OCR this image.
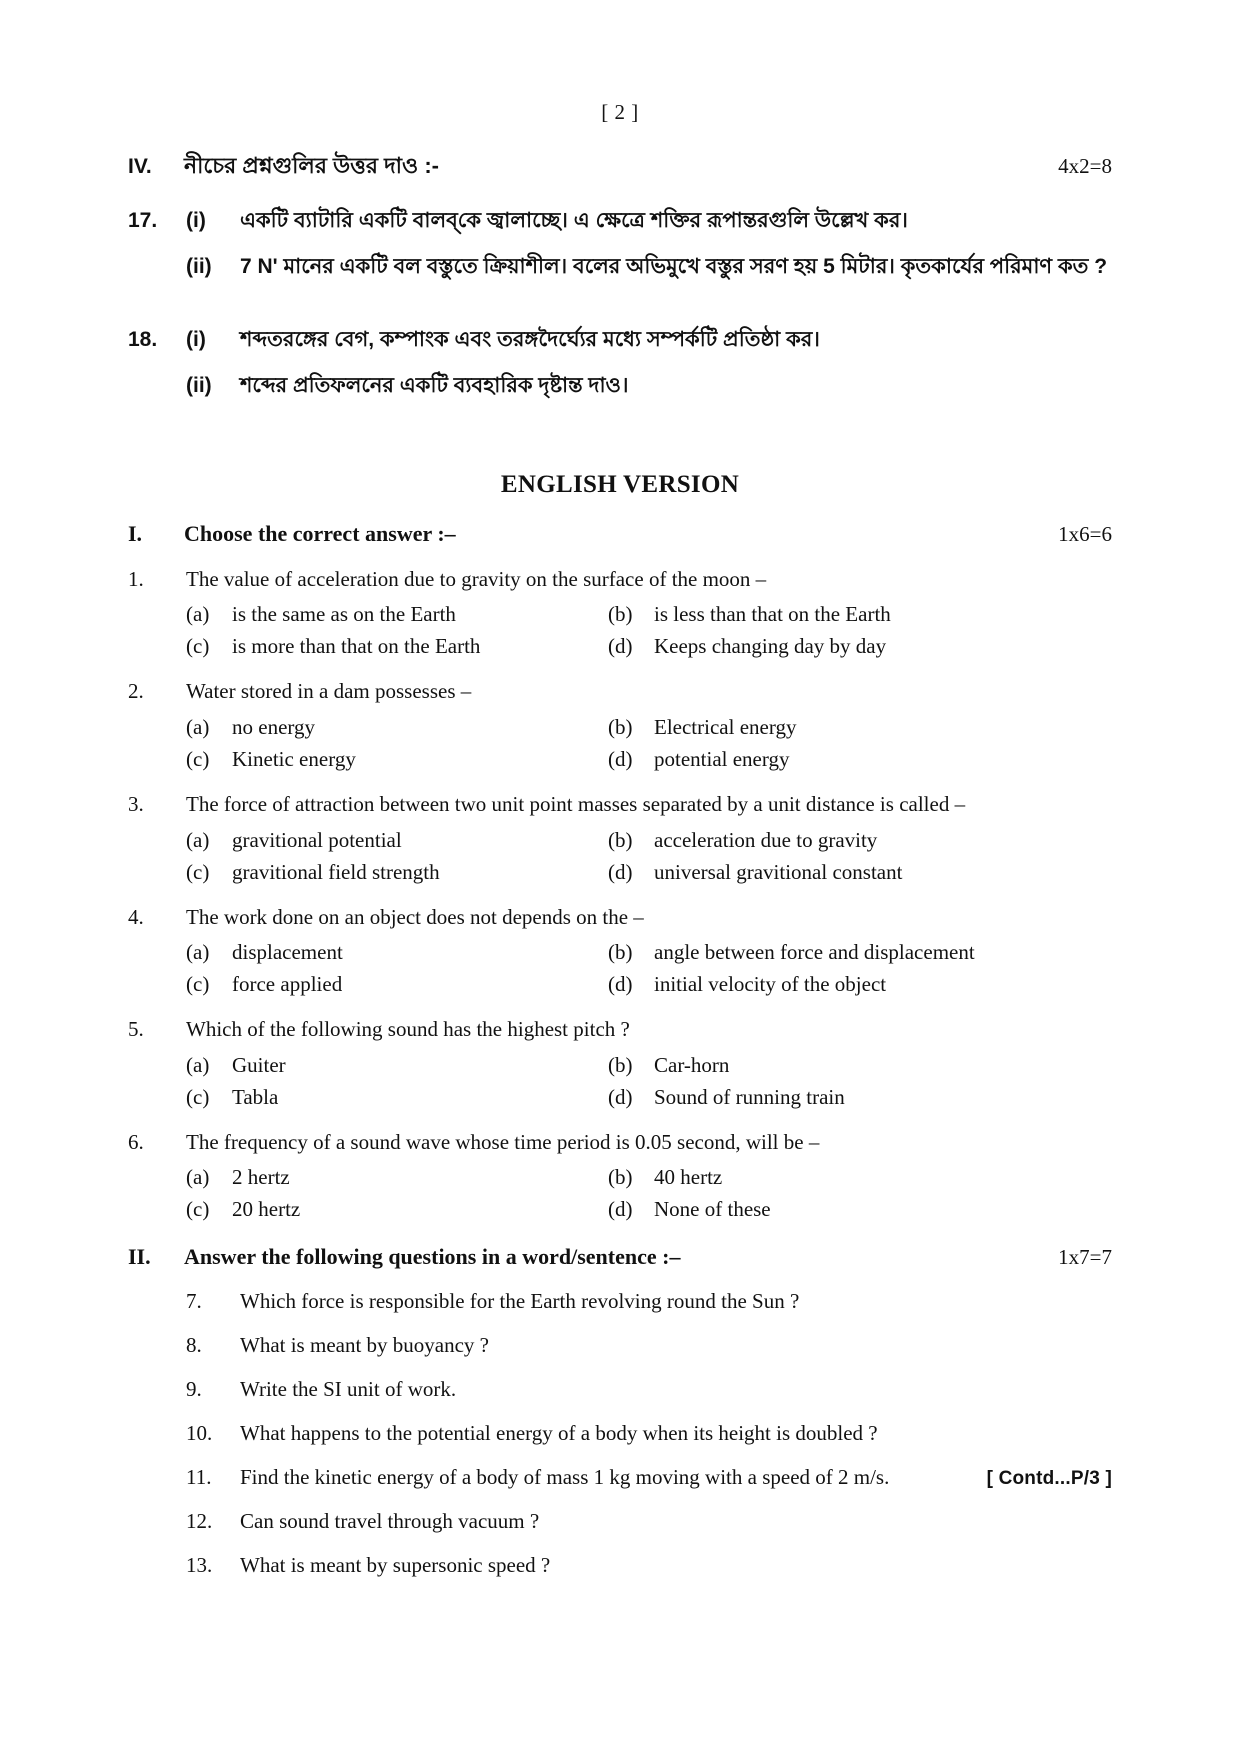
[ 2 ]
IV.	নীচের প্রশ্নগুলির উত্তর দাও :-	4x2=8
17.	(i)	একটি ব্যাটারি একটি বালব্‌কে জ্বালাচ্ছে। এ ক্ষেত্রে শক্তির রূপান্তরগুলি উল্লেখ কর।
(ii)	7 N' মানের একটি বল বস্তুতে ক্রিয়াশীল। বলের অভিমুখে বস্তুর সরণ হয় 5 মিটার। কৃতকার্যের পরিমাণ কত ?
18.	(i)	শব্দতরঙ্গের বেগ, কম্পাংক এবং তরঙ্গদৈর্ঘ্যের মধ্যে সম্পর্কটি প্রতিষ্ঠা কর।
(ii)	শব্দের প্রতিফলনের একটি ব্যবহারিক দৃষ্টান্ত দাও।
ENGLISH VERSION
I.	Choose the correct answer :–	1x6=6
1.	The value of acceleration due to gravity on the surface of the moon –
(a)	is the same as on the Earth	(b)	is less than that on the Earth
(c)	is more than that on the Earth	(d)	Keeps changing day by day
2.	Water stored in a dam possesses –
(a)	no energy	(b)	Electrical energy
(c)	Kinetic energy	(d)	potential energy
3.	The force of attraction between two unit point masses separated by a unit distance is called –
(a)	gravitional potential	(b)	acceleration due to gravity
(c)	gravitional field strength	(d)	universal gravitional constant
4.	The work done on an object does not depends on the –
(a)	displacement	(b)	angle between force and displacement
(c)	force applied	(d)	initial velocity of the object
5.	Which of the following sound has the highest pitch ?
(a)	Guiter	(b)	Car-horn
(c)	Tabla	(d)	Sound of running train
6.	The frequency of a sound wave whose time period is 0.05 second, will be –
(a)	2 hertz	(b)	40 hertz
(c)	20 hertz	(d)	None of these
II.	Answer the following questions in a word/sentence :–	1x7=7
7.	Which force is responsible for the Earth revolving round the Sun ?
8.	What is meant by buoyancy ?
9.	Write the SI unit of work.
10.	What happens to the potential energy of a body when its height is doubled ?
11.	Find the kinetic energy of a body of mass 1 kg moving with a speed of 2 m/s.
12.	Can sound travel through vacuum ?
13.	What is meant by supersonic speed ?
[ Contd...P/3 ]
